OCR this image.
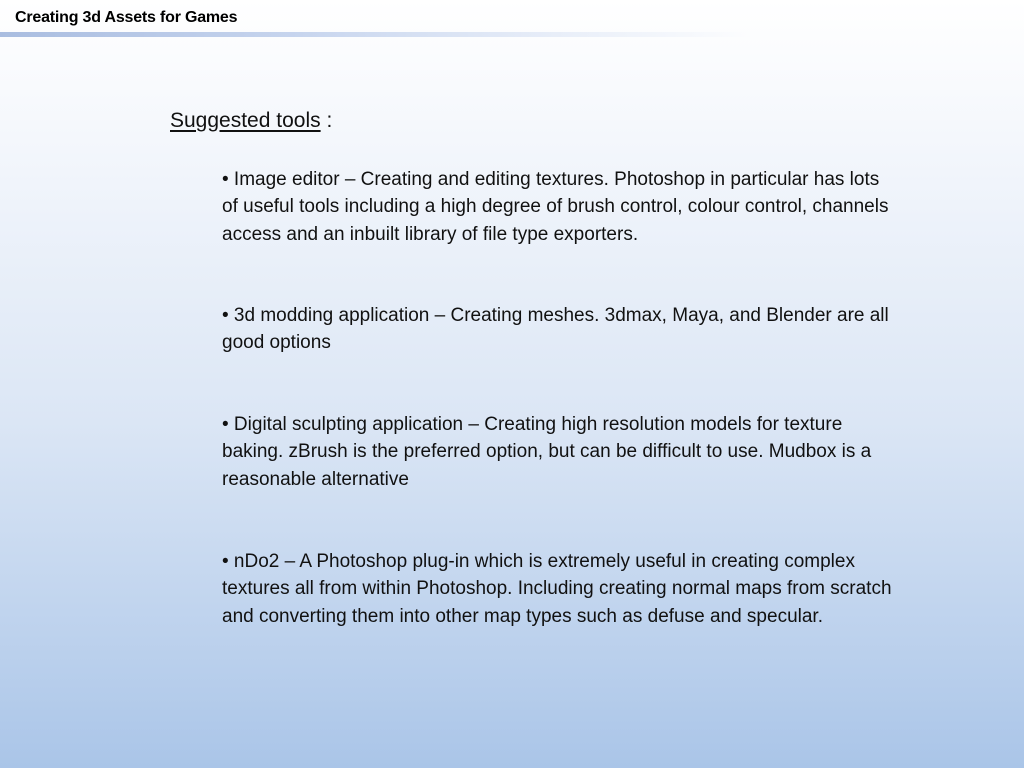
Creating 3d Assets for Games
Suggested tools :
• Image editor – Creating and editing textures. Photoshop in particular has lots of useful tools including a high degree of brush control, colour control, channels access and an inbuilt library of file type exporters.
• 3d modding application – Creating meshes. 3dmax, Maya, and Blender are all good options
• Digital sculpting application – Creating high resolution models for texture baking. zBrush is the preferred option, but can be difficult to use. Mudbox is a reasonable alternative
• nDo2 – A Photoshop plug-in which is extremely useful in creating complex textures all from within Photoshop. Including creating normal maps from scratch and converting them into other map types such as defuse and specular.
